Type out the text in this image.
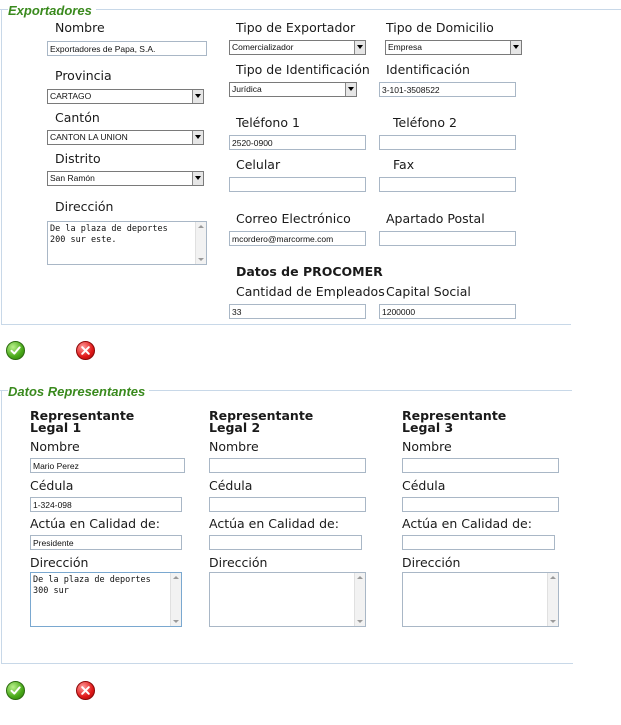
Exportadores
Nombre
Exportadores de Papa, S.A.
Provincia
CARTAGO
Cantón
CANTON LA UNION
Distrito
San Ramón
Dirección
De la plaza de deportes
200 sur este.
Tipo de Exportador
Comercializador
Tipo de Identificación
Jurídica
Teléfono 1
2520-0900
Celular
Correo Electrónico
mcordero@marcorme.com
Datos de PROCOMER
Cantidad de Empleados
33
Tipo de Domicilio
Empresa
Identificación
3-101-3508522
Teléfono 2
Fax
Apartado Postal
Capital Social
1200000
Datos Representantes
Representante
Legal 1
Nombre
Mario Perez
Cédula
1-324-098
Actúa en Calidad de:
Presidente
Dirección
De la plaza de deportes
300 sur
Representante
Legal 2
Nombre
Cédula
Actúa en Calidad de:
Dirección
Representante
Legal 3
Nombre
Cédula
Actúa en Calidad de:
Dirección
